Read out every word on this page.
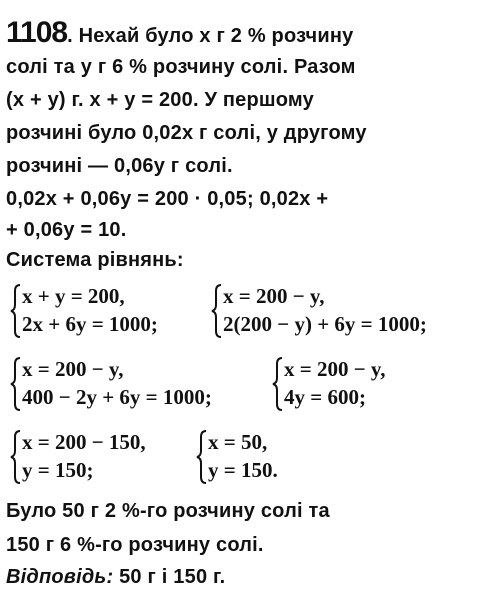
1108. Нехай було x г 2 % розчину
солі та y г 6 % розчину солі. Разом
(x + y) г. x + y = 200. У першому
розчині було 0,02x г солі, у другому
розчині — 0,06y г солі.
0,02x + 0,06y = 200 · 0,05; 0,02x +
+ 0,06y = 10.
Система рівнянь:
x + y = 200,
2x + 6y = 1000;
x = 200 − y,
2(200 − y) + 6y = 1000;
x = 200 − y,
400 − 2y + 6y = 1000;
x = 200 − y,
4y = 600;
x = 200 − 150,
y = 150;
x = 50,
y = 150.
Було 50 г 2 %-го розчину солі та
150 г 6 %-го розчину солі.
Відповідь: 50 г і 150 г.
